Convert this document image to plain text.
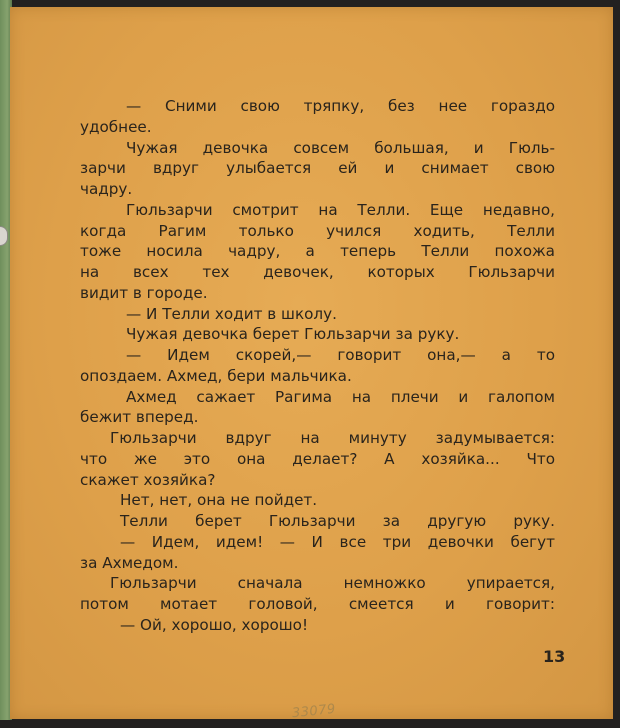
— Сними свою тряпку, без нее гораздо
удобнее.
Чужая девочка совсем большая, и Гюль-
зарчи вдруг улыбается ей и снимает свою
чадру.
Гюльзарчи смотрит на Телли. Еще недавно,
когда Рагим только учился ходить, Телли
тоже носила чадру, а теперь Телли похожа
на всех тех девочек, которых Гюльзарчи
видит в городе.
— И Телли ходит в школу.
Чужая девочка берет Гюльзарчи за руку.
— Идем скорей,— говорит она,— а то
опоздаем. Ахмед, бери мальчика.
Ахмед сажает Рагима на плечи и галопом
бежит вперед.
Гюльзарчи вдруг на минуту задумывается:
что же это она делает? А хозяйка... Что
скажет хозяйка?
Нет, нет, она не пойдет.
Телли берет Гюльзарчи за другую руку.
— Идем, идем! — И все три девочки бегут
за Ахмедом.
Гюльзарчи сначала немножко упирается,
потом мотает головой, смеется и говорит:
— Ой, хорошо, хорошо!
13
33079
